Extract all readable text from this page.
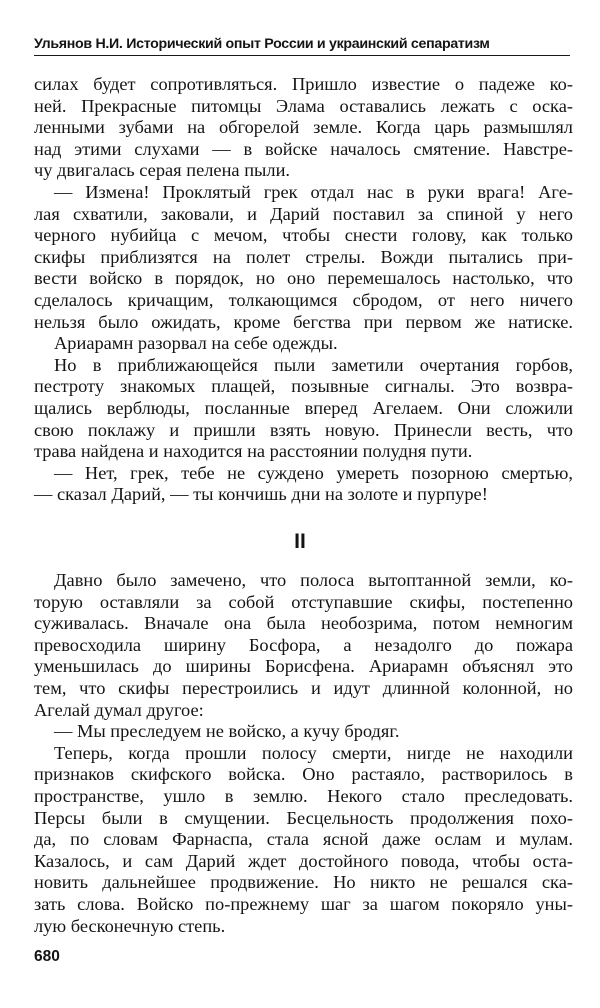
Ульянов Н.И. Исторический опыт России и украинский сепаратизм

силах будет сопротивляться. Пришло известие о падеже ко-

ней. Прекрасные питомцы Элама оставались лежать с оска-

ленными зубами на обгорелой земле. Когда царь размышлял

над этими слухами — в войске началось смятение. Навстре-

чу двигалась серая пелена пыли.

— Измена! Проклятый грек отдал нас в руки врага! Аге-

лая схватили, заковали, и Дарий поставил за спиной у него

черного нубийца с мечом, чтобы снести голову, как только

скифы приблизятся на полет стрелы. Вожди пытались при-

вести войско в порядок, но оно перемешалось настолько, что

сделалось кричащим, толкающимся сбродом, от него ничего

нельзя было ожидать, кроме бегства при первом же натиске.

Ариарамн разорвал на себе одежды.

Но в приближающейся пыли заметили очертания горбов,

пестроту знакомых плащей, позывные сигналы. Это возвра-

щались верблюды, посланные вперед Агелаем. Они сложили

свою поклажу и пришли взять новую. Принесли весть, что

трава найдена и находится на расстоянии полудня пути.

— Нет, грек, тебе не суждено умереть позорною смертью,

— сказал Дарий, — ты кончишь дни на золоте и пурпуре!

II

Давно было замечено, что полоса вытоптанной земли, ко-

торую оставляли за собой отступавшие скифы, постепенно

суживалась. Вначале она была необозрима, потом немногим

превосходила ширину Босфора, а незадолго до пожара

уменьшилась до ширины Борисфена. Ариарамн объяснял это

тем, что скифы перестроились и идут длинной колонной, но

Агелай думал другое:

— Мы преследуем не войско, а кучу бродяг.

Теперь, когда прошли полосу смерти, нигде не находили

признаков скифского войска. Оно растаяло, растворилось в

пространстве, ушло в землю. Некого стало преследовать.

Персы были в смущении. Бесцельность продолжения похо-

да, по словам Фарнаспа, стала ясной даже ослам и мулам.

Казалось, и сам Дарий ждет достойного повода, чтобы оста-

новить дальнейшее продвижение. Но никто не решался ска-

зать слова. Войско по-прежнему шаг за шагом покоряло уны-

лую бесконечную степь.

680
